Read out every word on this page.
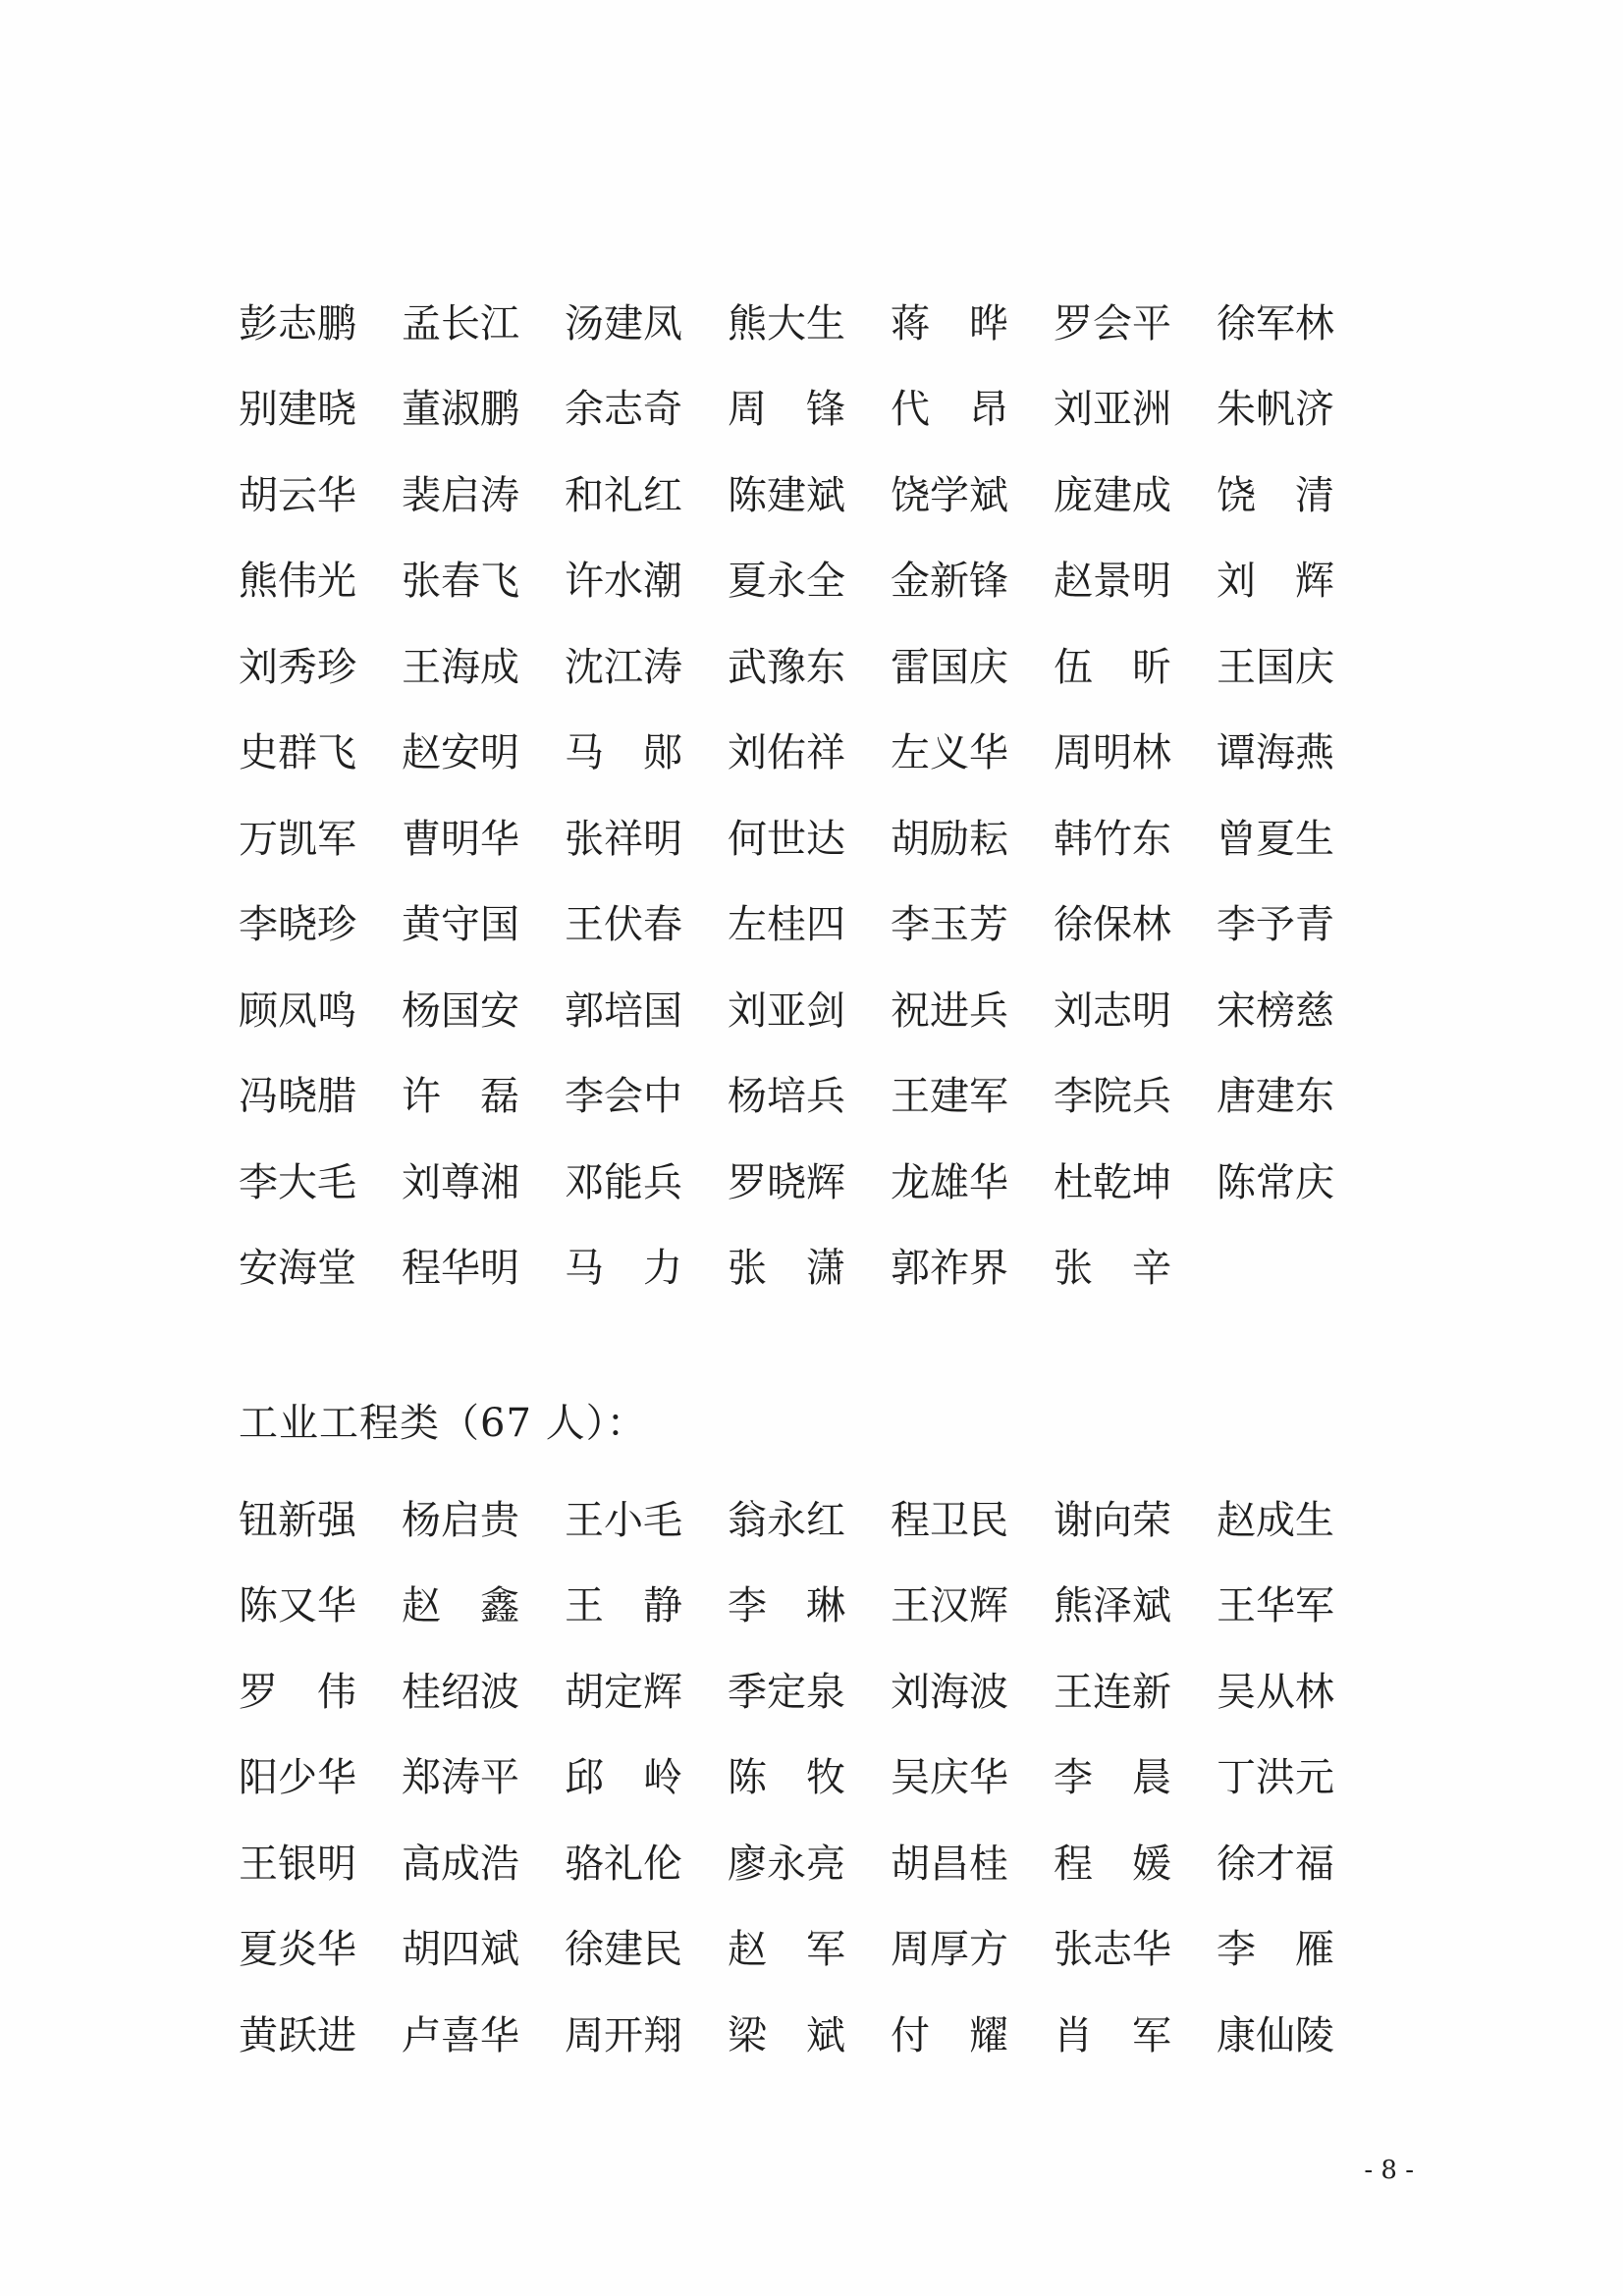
彭 志 鹏 孟 长 江 汤 建 凤 熊 大 生 蒋 晔 罗 会 平 徐 军 林
别 建 晓 董 淑 鹏 余 志 奇 周 锋 代 昂 刘 亚 洲 朱 帆 济
胡 云 华 裴 启 涛 和 礼 红 陈 建 斌 饶 学 斌 庞 建 成 饶 清
熊 伟 光 张 春 飞 许 水 潮 夏 永 全 金 新 锋 赵 景 明 刘 辉
刘 秀 珍 王 海 成 沈 江 涛 武 豫 东 雷 国 庆 伍 昕 王 国 庆
史 群 飞 赵 安 明 马 郧 刘 佑 祥 左 义 华 周 明 林 谭 海 燕
万 凯 军 曹 明 华 张 祥 明 何 世 达 胡 励 耘 韩 竹 东 曾 夏 生
李 晓 珍 黄 守 国 王 伏 春 左 桂 四 李 玉 芳 徐 保 林 李 予 青
顾 凤 鸣 杨 国 安 郭 培 国 刘 亚 剑 祝 进 兵 刘 志 明 宋 榜 慈
冯 晓 腊 许 磊 李 会 中 杨 培 兵 王 建 军 李 院 兵 唐 建 东
李 大 毛 刘 尊 湘 邓 能 兵 罗 晓 辉 龙 雄 华 杜 乾 坤 陈 常 庆
安 海 堂 程 华 明 马 力 张 潇 郭 祚 界 张 辛
工业工程类（67 人）：
钮 新 强 杨 启 贵 王 小 毛 翁 永 红 程 卫 民 谢 向 荣 赵 成 生
陈 又 华 赵 鑫 王 静 李 琳 王 汉 辉 熊 泽 斌 王 华 军
罗 伟 桂 绍 波 胡 定 辉 季 定 泉 刘 海 波 王 连 新 吴 从 林
阳 少 华 郑 涛 平 邱 岭 陈 牧 吴 庆 华 李 晨 丁 洪 元
王 银 明 高 成 浩 骆 礼 伦 廖 永 亮 胡 昌 桂 程 媛 徐 才 福
夏 炎 华 胡 四 斌 徐 建 民 赵 军 周 厚 方 张 志 华 李 雁
黄 跃 进 卢 喜 华 周 开 翔 梁 斌 付 耀 肖 军 康 仙 陵
- 8 -
